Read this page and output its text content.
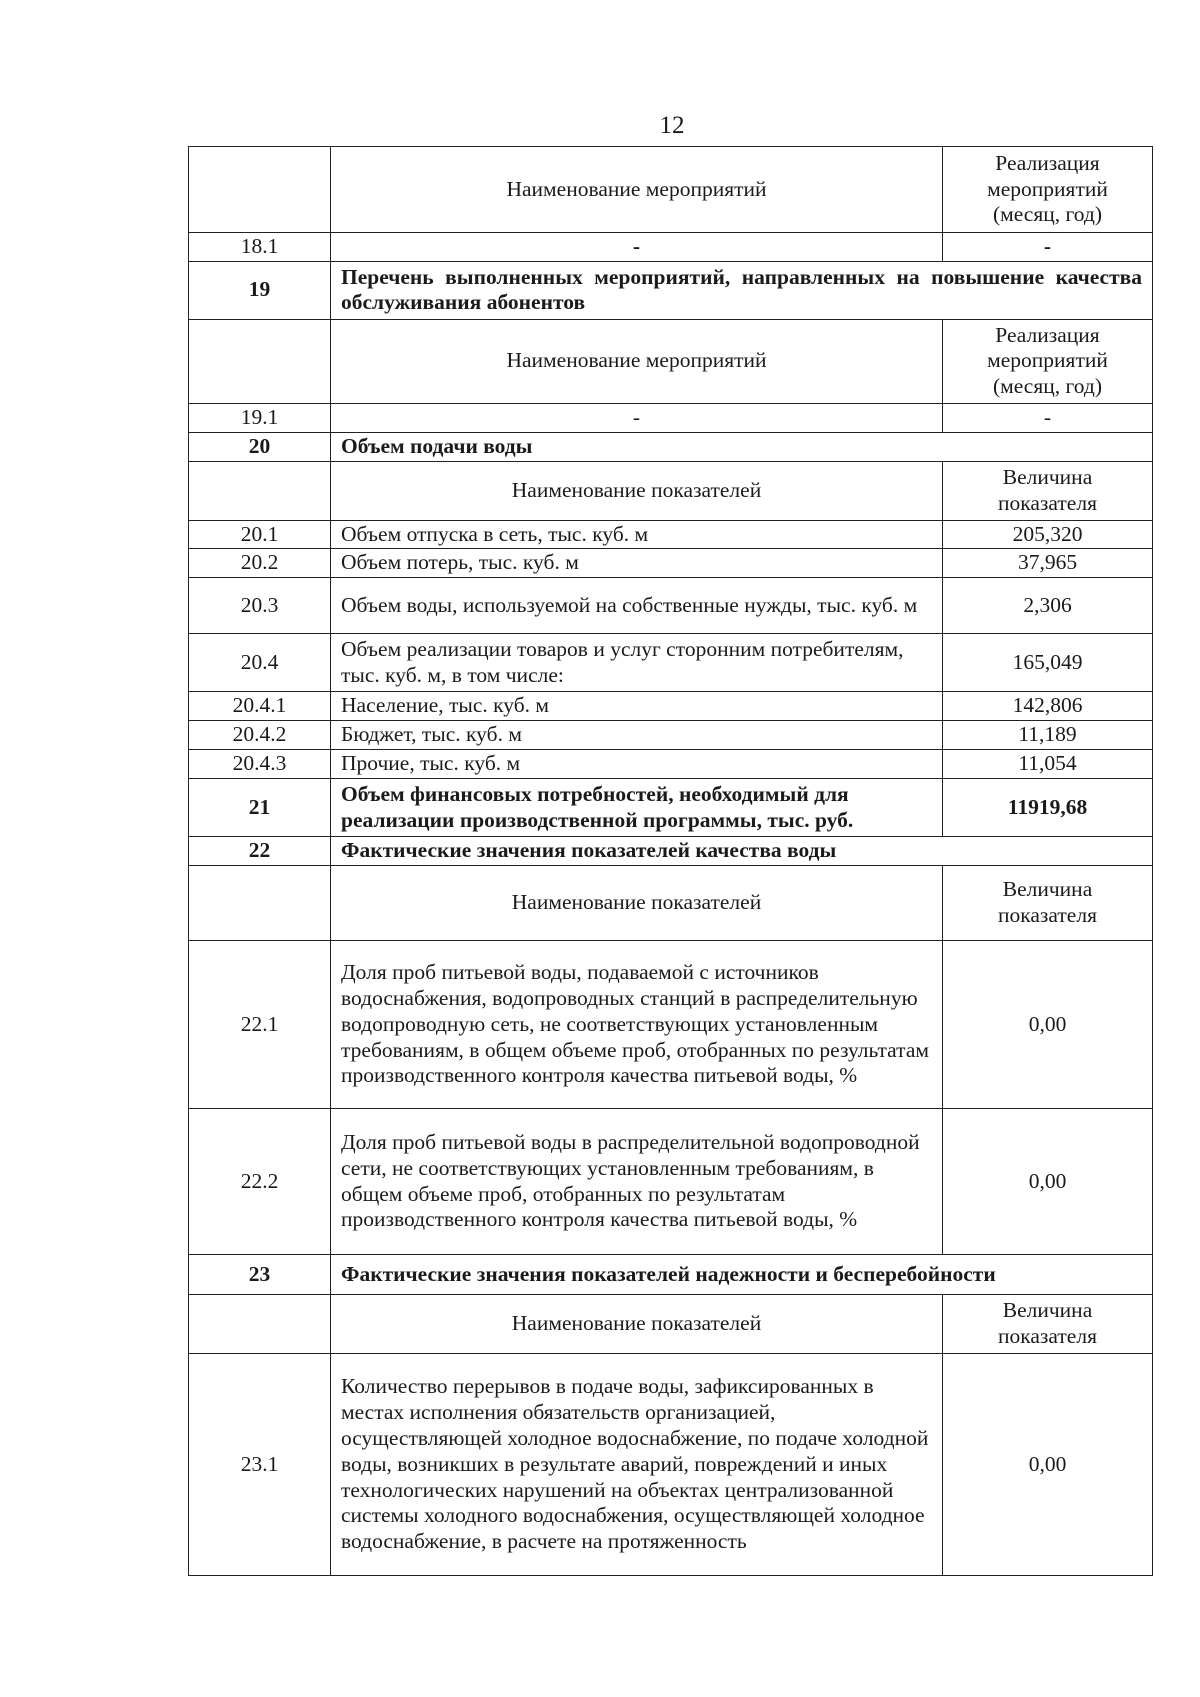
12
	Наименование мероприятий	Реализация мероприятий (месяц, год)
18.1	-	-
19	Перечень выполненных мероприятий, направленных на повышение качества обслуживания абонентов	
	Наименование мероприятий	Реализация мероприятий (месяц, год)
19.1	-	-
20	Объем подачи воды	
	Наименование показателей	Величина показателя
20.1	Объем отпуска в сеть, тыс. куб. м	205,320
20.2	Объем потерь, тыс. куб. м	37,965
20.3	Объем воды, используемой на собственные нужды, тыс. куб. м	2,306
20.4	Объем реализации товаров и услуг сторонним потребителям, тыс. куб. м, в том числе:	165,049
20.4.1	Население, тыс. куб. м	142,806
20.4.2	Бюджет, тыс. куб. м	11,189
20.4.3	Прочие, тыс. куб. м	11,054
21	Объем финансовых потребностей, необходимый для реализации производственной программы, тыс. руб.	11919,68
22	Фактические значения показателей качества воды	
	Наименование показателей	Величина показателя
22.1	Доля проб питьевой воды, подаваемой с источников водоснабжения, водопроводных станций в распределительную водопроводную сеть, не соответствующих установленным требованиям, в общем объеме проб, отобранных по результатам производственного контроля качества питьевой воды, %	0,00
22.2	Доля проб питьевой воды в распределительной водопроводной сети, не соответствующих установленным требованиям, в общем объеме проб, отобранных по результатам производственного контроля качества питьевой воды, %	0,00
23	Фактические значения показателей надежности и бесперебойности	
	Наименование показателей	Величина показателя
23.1	Количество перерывов в подаче воды, зафиксированных в местах исполнения обязательств организацией, осуществляющей холодное водоснабжение, по подаче холодной воды, возникших в результате аварий, повреждений и иных технологических нарушений на объектах централизованной системы холодного водоснабжения, осуществляющей холодное водоснабжение, в расчете на протяженность	0,00
